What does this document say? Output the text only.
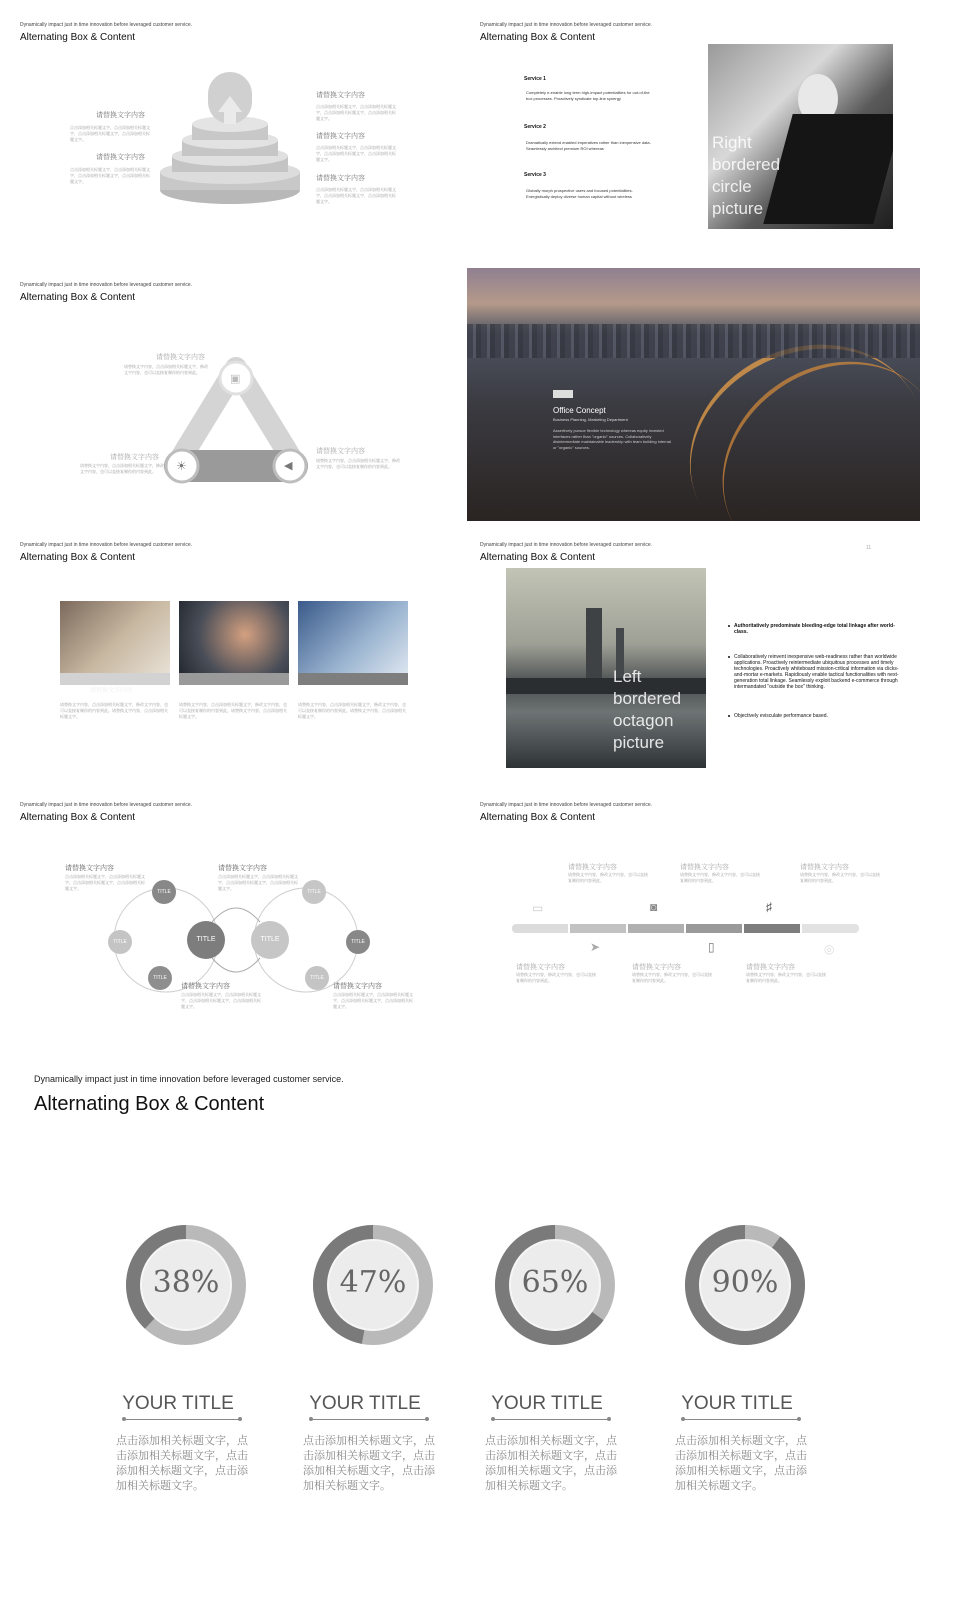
Dynamically impact just in time innovation before leveraged customer service.
Alternating Box & Content
请替换文字内容
点击添加相关标题文字，点击添加相关标题文字，点击添加相关标题文字，点击添加相关标题文字。
请替换文字内容
点击添加相关标题文字，点击添加相关标题文字，点击添加相关标题文字，点击添加相关标题文字。
请替换文字内容
点击添加相关标题文字，点击添加相关标题文字，点击添加相关标题文字，点击添加相关标题文字。
请替换文字内容
点击添加相关标题文字，点击添加相关标题文字，点击添加相关标题文字，点击添加相关标题文字。
请替换文字内容
点击添加相关标题文字，点击添加相关标题文字，点击添加相关标题文字，点击添加相关标题文字。
Dynamically impact just in time innovation before leveraged customer service.
Alternating Box & Content
Service 1
Completely e-enable long term high-impact potentialities for out-of-the box processes. Proactively syndicate top-line synergy
Service 2
Dramatically extend enabled imperatives rather than inexpensive data. Seamlessly architect premium ROI whereas
Service 3
Globally morph prospective users and focused potentialities. Energistically deploy diverse human capital without wireless
Right bordered circle picture
Dynamically impact just in time innovation before leveraged customer service.
Alternating Box & Content
▣
☀	◀
请替换文字内容
请替换文字内容，点击添加相关标题文字，修改文字内容，也可以直接复制你的内容到此。
请替换文字内容
请替换文字内容，点击添加相关标题文字，修改文字内容，也可以直接复制你的内容到此。
请替换文字内容
请替换文字内容，点击添加相关标题文字，修改文字内容，也可以直接复制你的内容到此。
Office Concept
Business Planning, Marketing Department
Assertively pursue flexible technology whereas equity invested interfaces rather than "organic" sources. Collaboratively disintermediate maintainable leadership with team building internal or "organic" sources.
Dynamically impact just in time innovation before leveraged customer service.
Alternating Box & Content
请替换文字内容	请替换文字内容	请替换文字内容
请替换文字内容，点击添加相关标题文字，修改文字内容，也可以直接复制你的内容到此。请替换文字内容，点击添加相关标题文字。
请替换文字内容，点击添加相关标题文字，修改文字内容，也可以直接复制你的内容到此。请替换文字内容，点击添加相关标题文字。
请替换文字内容，点击添加相关标题文字，修改文字内容，也可以直接复制你的内容到此。请替换文字内容，点击添加相关标题文字。
Dynamically impact just in time innovation before leveraged customer service.
Alternating Box & Content
11
Left bordered octagon picture
Authoritatively predominate bleeding-edge total linkage after world-class.
Collaboratively reinvent inexpensive web-readiness rather than worldwide applications. Proactively reintermediate ubiquitous processes and timely technologies. Proactively whiteboard mission-critical information via clicks-and-mortar e-markets. Rapidiously enable tactical functionalities with next-generation total linkage. Seamlessly exploit backend e-commerce through intermandated "outside the box" thinking.
Objectively evisculate performance based.
Dynamically impact just in time innovation before leveraged customer service.
Alternating Box & Content
TITLE	TITLE
TITLE
TITLE
TITLE
TITLE
TITLE
TITLE
请替换文字内容
点击添加相关标题文字，点击添加相关标题文字，点击添加相关标题文字，点击添加相关标题文字。
请替换文字内容
点击添加相关标题文字，点击添加相关标题文字，点击添加相关标题文字，点击添加相关标题文字。
请替换文字内容
点击添加相关标题文字，点击添加相关标题文字，点击添加相关标题文字，点击添加相关标题文字。
请替换文字内容
点击添加相关标题文字，点击添加相关标题文字，点击添加相关标题文字，点击添加相关标题文字。
Dynamically impact just in time innovation before leveraged customer service.
Alternating Box & Content
▭	◙	♯
➤	▯	◎
请替换文字内容
请替换文字内容，修改文字内容，也可以直接复制你的内容到此。
请替换文字内容
请替换文字内容，修改文字内容，也可以直接复制你的内容到此。
请替换文字内容
请替换文字内容，修改文字内容，也可以直接复制你的内容到此。
请替换文字内容
请替换文字内容，修改文字内容，也可以直接复制你的内容到此。
请替换文字内容
请替换文字内容，修改文字内容，也可以直接复制你的内容到此。
请替换文字内容
请替换文字内容，修改文字内容，也可以直接复制你的内容到此。
Dynamically impact just in time innovation before leveraged customer service.
Alternating Box & Content
38%
YOUR TITLE
点击添加相关标题文字，点击添加相关标题文字，点击添加相关标题文字，点击添加相关标题文字。
47%
YOUR TITLE
点击添加相关标题文字，点击添加相关标题文字，点击添加相关标题文字，点击添加相关标题文字。
65%
YOUR TITLE
点击添加相关标题文字，点击添加相关标题文字，点击添加相关标题文字，点击添加相关标题文字。
90%
YOUR TITLE
点击添加相关标题文字，点击添加相关标题文字，点击添加相关标题文字，点击添加相关标题文字。
